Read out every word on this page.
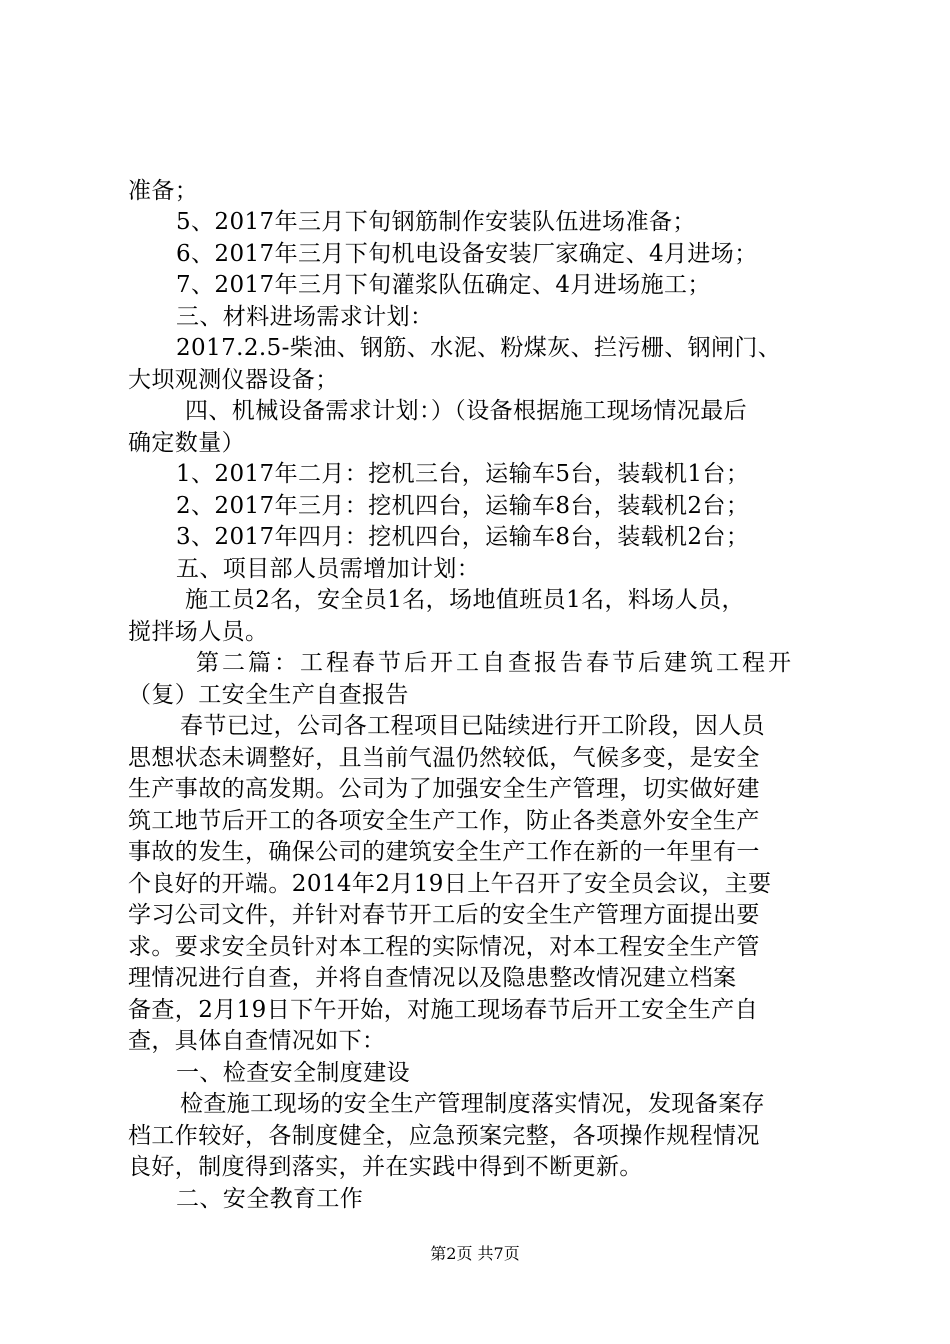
准备；
5、2017年三月下旬钢筋制作安装队伍进场准备；
6、2017年三月下旬机电设备安装厂家确定、4月进场；
7、2017年三月下旬灌浆队伍确定、4月进场施工；
三、材料进场需求计划：
2017.2.5-柴油、钢筋、水泥、粉煤灰、拦污栅、钢闸门、
大坝观测仪器设备；
四、机械设备需求计划：）（设备根据施工现场情况最后
确定数量）
1、2017年二月：挖机三台，运输车5台，装载机1台；
2、2017年三月：挖机四台，运输车8台，装载机2台；
3、2017年四月：挖机四台，运输车8台，装载机2台；
五、项目部人员需增加计划：
施工员2名，安全员1名，场地值班员1名，料场人员，
搅拌场人员。
第二篇：工程春节后开工自查报告春节后建筑工程开
（复）工安全生产自查报告
春节已过，公司各工程项目已陆续进行开工阶段，因人员
思想状态未调整好，且当前气温仍然较低，气候多变，是安全
生产事故的高发期。公司为了加强安全生产管理，切实做好建
筑工地节后开工的各项安全生产工作，防止各类意外安全生产
事故的发生，确保公司的建筑安全生产工作在新的一年里有一
个良好的开端。2014年2月19日上午召开了安全员会议，主要
学习公司文件，并针对春节开工后的安全生产管理方面提出要
求。要求安全员针对本工程的实际情况，对本工程安全生产管
理情况进行自查，并将自查情况以及隐患整改情况建立档案
备查，2月19日下午开始，对施工现场春节后开工安全生产自
查，具体自查情况如下：
一、检查安全制度建设
检查施工现场的安全生产管理制度落实情况，发现备案存
档工作较好，各制度健全，应急预案完整，各项操作规程情况
良好，制度得到落实，并在实践中得到不断更新。
二、安全教育工作
第2页 共7页
